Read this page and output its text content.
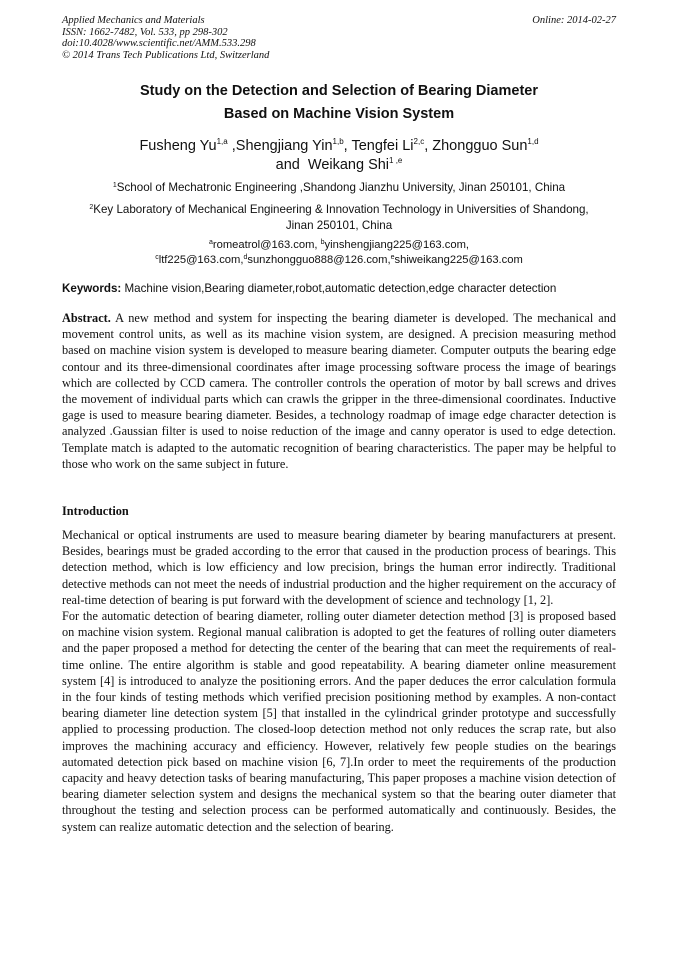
Applied Mechanics and Materials
ISSN: 1662-7482, Vol. 533, pp 298-302
doi:10.4028/www.scientific.net/AMM.533.298
© 2014 Trans Tech Publications Ltd, Switzerland
Online: 2014-02-27
Study on the Detection and Selection of Bearing Diameter
Based on Machine Vision System
Fusheng Yu$^{1,a}$ ,Shengjiang Yin$^{1,b}$, Tengfei Li$^{2,c}$, Zhongguo Sun$^{1,d}$
and Weikang Shi$^{1 ,e}$
$^1$School of Mechatronic Engineering ,Shandong Jianzhu University, Jinan 250101, China
$^2$Key Laboratory of Mechanical Engineering & Innovation Technology in Universities of Shandong,
Jinan 250101, China
$^a$romeatrol@163.com, $^b$yinshengjiang225@163.com,
$^c$ltf225@163.com,$^d$sunzhongguo888@126.com,$^e$shiweikang225@163.com
Keywords: Machine vision,Bearing diameter,robot,automatic detection,edge character detection
Abstract. A new method and system for inspecting the bearing diameter is developed. The mechanical and movement control units, as well as its machine vision system, are designed. A precision measuring method based on machine vision system is developed to measure bearing diameter. Computer outputs the bearing edge contour and its three-dimensional coordinates after image processing software process the image of bearings which are collected by CCD camera. The controller controls the operation of motor by ball screws and drives the movement of individual parts which can crawls the gripper in the three-dimensional coordinates. Inductive gage is used to measure bearing diameter. Besides, a technology roadmap of image edge character detection is analyzed .Gaussian filter is used to noise reduction of the image and canny operator is used to edge detection. Template match is adapted to the automatic recognition of bearing characteristics. The paper may be helpful to those who work on the same subject in future.
Introduction

Mechanical or optical instruments are used to measure bearing diameter by bearing manufacturers at present. Besides, bearings must be graded according to the error that caused in the production process of bearings. This detection method, which is low efficiency and low precision, brings the human error indirectly. Traditional detective methods can not meet the needs of industrial production and the higher requirement on the accuracy of real-time detection of bearing is put forward with the development of science and technology [1, 2].

For the automatic detection of bearing diameter, rolling outer diameter detection method [3] is proposed based on machine vision system. Regional manual calibration is adopted to get the features of rolling outer diameters and the paper proposed a method for detecting the center of the bearing that can meet the requirements of real-time online. The entire algorithm is stable and good repeatability. A bearing diameter online measurement system [4] is introduced to analyze the positioning errors. And the paper deduces the error calculation formula in the four kinds of testing methods which verified precision positioning method by examples. A non-contact bearing diameter line detection system [5] that installed in the cylindrical grinder prototype and successfully applied to processing production. The closed-loop detection method not only reduces the scrap rate, but also improves the machining accuracy and efficiency. However, relatively few people studies on the bearings automated detection pick based on machine vision [6, 7].In order to meet the requirements of the production capacity and heavy detection tasks of bearing manufacturing, This paper proposes a machine vision detection of bearing diameter selection system and designs the mechanical system so that the bearing outer diameter that throughout the testing and selection process can be performed automatically and continuously. Besides, the system can realize automatic detection and the selection of bearing.
